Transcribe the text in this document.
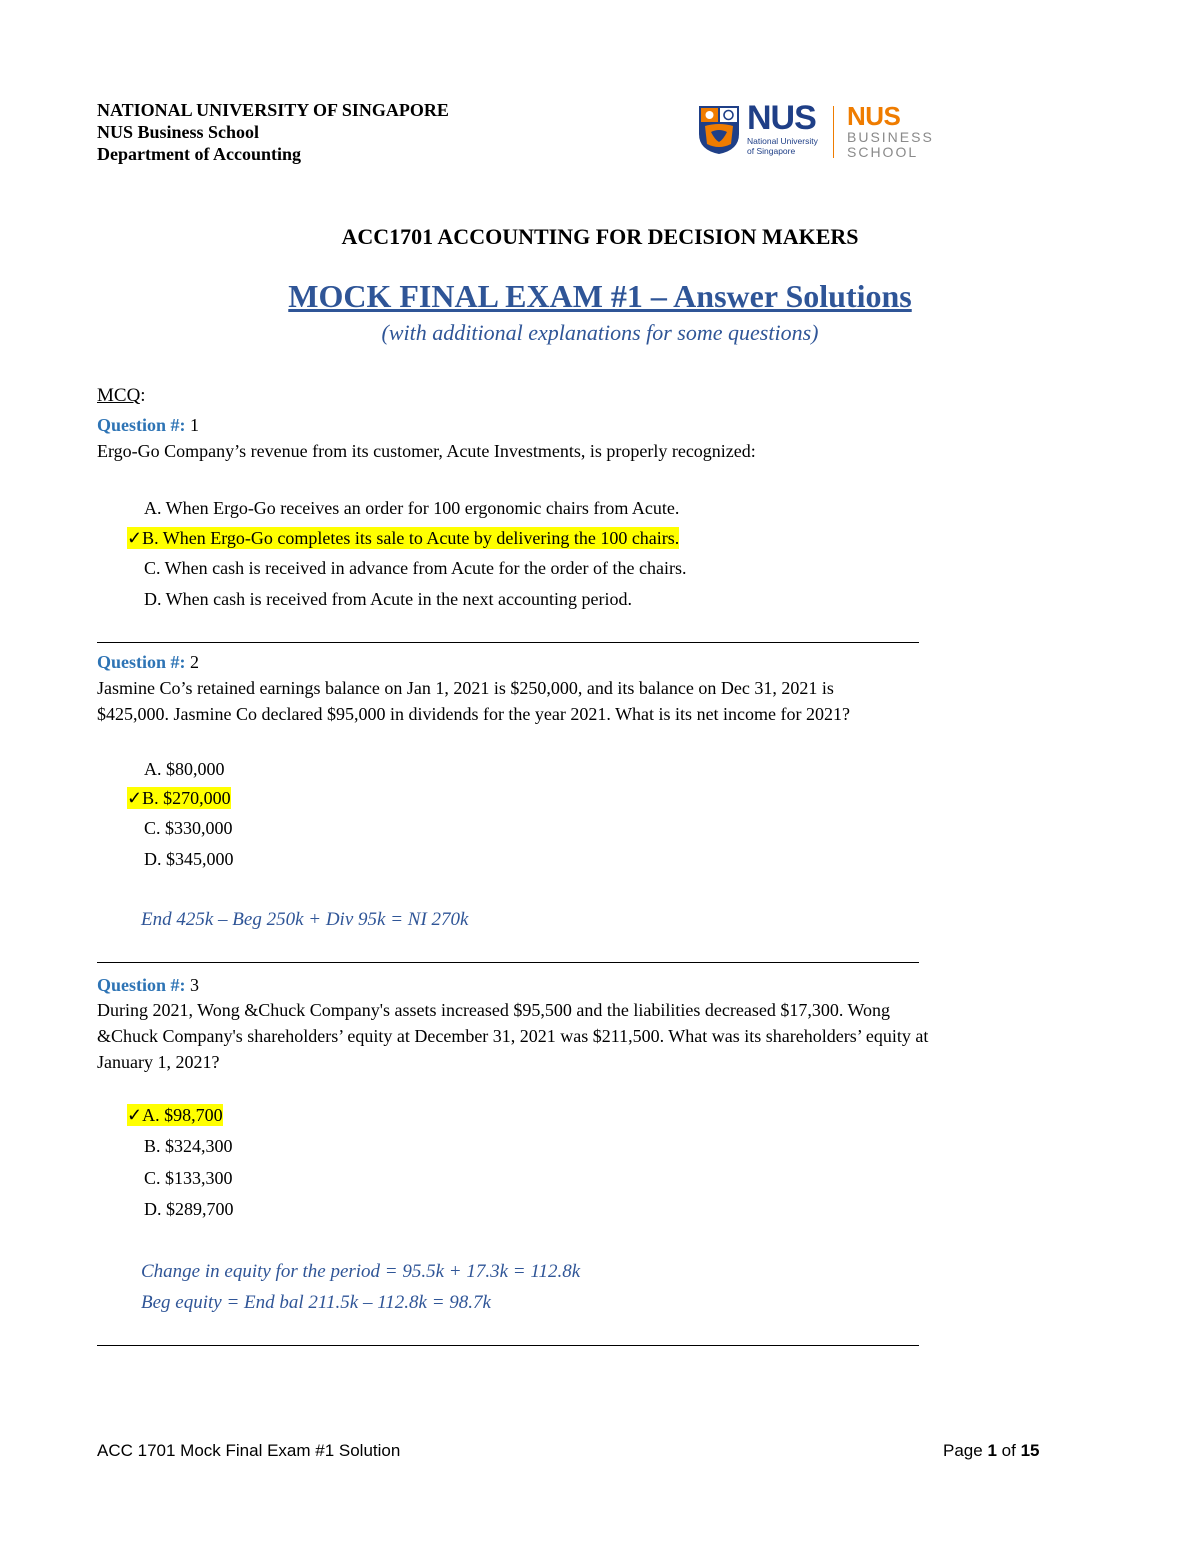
NATIONAL UNIVERSITY OF SINGAPORE
NUS Business School
Department of Accounting
NUS
National University
of Singapore
NUS
BUSINESS
SCHOOL
ACC1701 ACCOUNTING FOR DECISION MAKERS
MOCK FINAL EXAM #1 – Answer Solutions
(with additional explanations for some questions)
MCQ:
Question #: 1
Ergo-Go Company’s revenue from its customer, Acute Investments, is properly recognized:
A. When Ergo-Go receives an order for 100 ergonomic chairs from Acute.
✓B. When Ergo-Go completes its sale to Acute by delivering the 100 chairs.
C. When cash is received in advance from Acute for the order of the chairs.
D. When cash is received from Acute in the next accounting period.
Question #: 2
Jasmine Co’s retained earnings balance on Jan 1, 2021 is $250,000, and its balance on Dec 31, 2021 is
$425,000. Jasmine Co declared $95,000 in dividends for the year 2021. What is its net income for 2021?
A. $80,000
✓B. $270,000
C. $330,000
D. $345,000
End 425k – Beg 250k + Div 95k = NI 270k
Question #: 3
During 2021, Wong &Chuck Company's assets increased $95,500 and the liabilities decreased $17,300. Wong
&Chuck Company's shareholders’ equity at December 31, 2021 was $211,500. What was its shareholders’ equity at
January 1, 2021?
✓A. $98,700
B. $324,300
C. $133,300
D. $289,700
Change in equity for the period = 95.5k + 17.3k = 112.8k
Beg equity = End bal 211.5k – 112.8k = 98.7k
ACC 1701 Mock Final Exam #1 Solution	Page 1 of 15
